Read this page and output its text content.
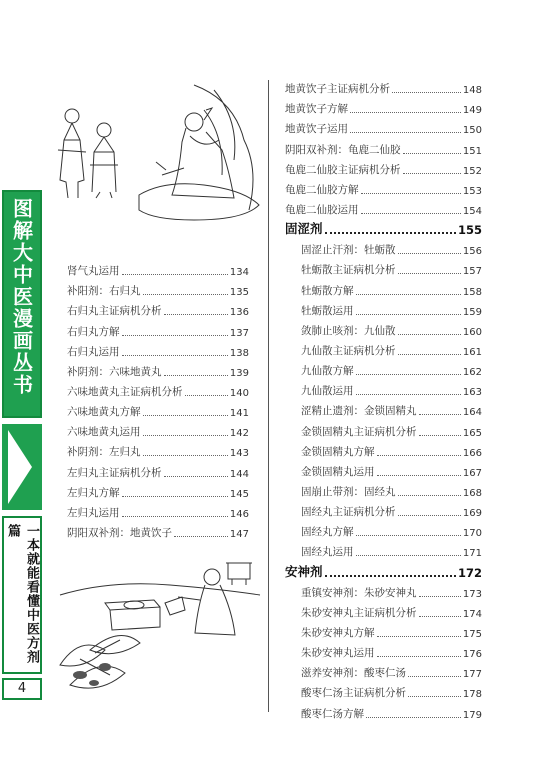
图解大中医漫画丛书
一本就能看懂中医方剂篇
4
肾气丸运用	134
补阳剂：右归丸	135
右归丸主证病机分析	136
右归丸方解	137
右归丸运用	138
补阴剂：六味地黄丸	139
六味地黄丸主证病机分析	140
六味地黄丸方解	141
六味地黄丸运用	142
补阴剂：左归丸	143
左归丸主证病机分析	144
左归丸方解	145
左归丸运用	146
阴阳双补剂：地黄饮子	147
地黄饮子主证病机分析	148
地黄饮子方解	149
地黄饮子运用	150
阴阳双补剂：龟鹿二仙胶	151
龟鹿二仙胶主证病机分析	152
龟鹿二仙胶方解	153
龟鹿二仙胶运用	154
固涩剂	155
固涩止汗剂：牡蛎散	156
牡蛎散主证病机分析	157
牡蛎散方解	158
牡蛎散运用	159
敛肺止咳剂：九仙散	160
九仙散主证病机分析	161
九仙散方解	162
九仙散运用	163
涩精止遗剂：金锁固精丸	164
金锁固精丸主证病机分析	165
金锁固精丸方解	166
金锁固精丸运用	167
固崩止带剂：固经丸	168
固经丸主证病机分析	169
固经丸方解	170
固经丸运用	171
安神剂	172
重镇安神剂：朱砂安神丸	173
朱砂安神丸主证病机分析	174
朱砂安神丸方解	175
朱砂安神丸运用	176
滋养安神剂：酸枣仁汤	177
酸枣仁汤主证病机分析	178
酸枣仁汤方解	179
